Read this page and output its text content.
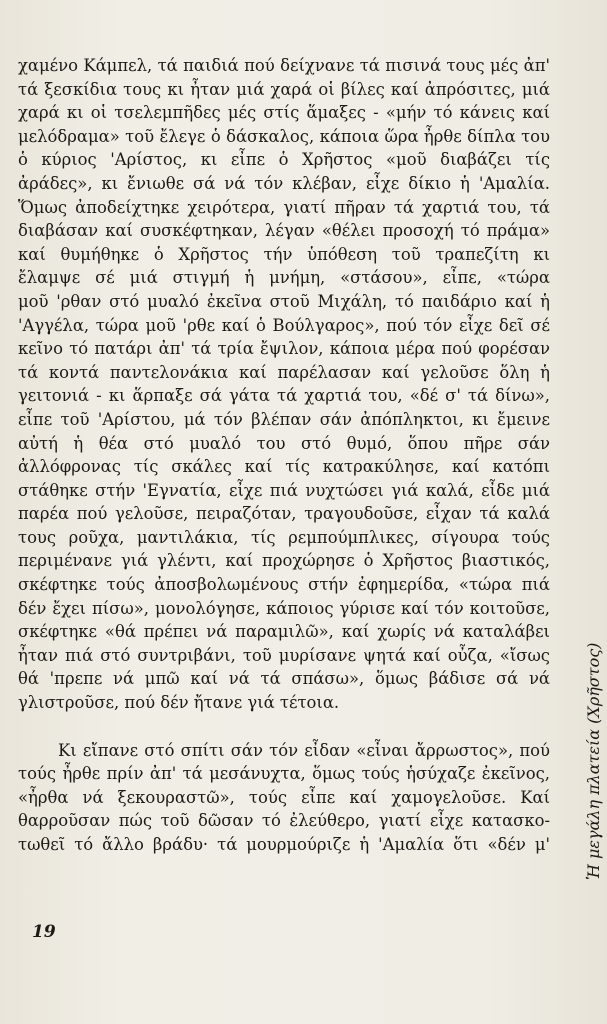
χαμένο Κάμπελ, τά παιδιά πού δείχνανε τά πισινά τους μές ἀπ'
τά ξεσκίδια τους κι ἦταν μιά χαρά οἱ βίλες καί ἀπρόσιτες, μιά
χαρά κι οἱ τσελεμπῆδες μές στίς ἅμαξες - «μήν τό κάνεις καί
μελόδραμα» τοῦ ἔλεγε ὁ δάσκαλος, κάποια ὥρα ἦρθε δίπλα του
ὁ κύριος 'Αρίστος, κι εἶπε ὁ Χρῆστος «μοῦ διαβάζει τίς
ἀράδες», κι ἔνιωθε σά νά τόν κλέβαν, εἶχε δίκιο ἡ 'Αμαλία.
Ὅμως ἀποδείχτηκε χειρότερα, γιατί πῆραν τά χαρτιά του, τά
διαβάσαν καί συσκέφτηκαν, λέγαν «θέλει προσοχή τό πράμα»
καί θυμήθηκε ὁ Χρῆστος τήν ὑπόθεση τοῦ τραπεζίτη κι
ἔλαμψε σέ μιά στιγμή ἡ μνήμη, «στάσου», εἶπε, «τώρα
μοῦ 'ρθαν στό μυαλό ἐκεῖνα στοῦ Μιχάλη, τό παιδάριο καί ἡ
'Αγγέλα, τώρα μοῦ 'ρθε καί ὁ Βούλγαρος», πού τόν εἶχε δεῖ σέ
κεῖνο τό πατάρι ἀπ' τά τρία ἔψιλον, κάποια μέρα πού φορέσαν
τά κοντά παντελονάκια καί παρέλασαν καί γελοῦσε ὅλη ἡ
γειτονιά - κι ἅρπαξε σά γάτα τά χαρτιά του, «δέ σ' τά δίνω»,
εἶπε τοῦ 'Αρίστου, μά τόν βλέπαν σάν ἀπόπληκτοι, κι ἔμεινε
αὐτή ἡ θέα στό μυαλό του στό θυμό, ὅπου πῆρε σάν
ἀλλόφρονας τίς σκάλες καί τίς κατρακύλησε, καί κατόπι
στάθηκε στήν 'Εγνατία, εἶχε πιά νυχτώσει γιά καλά, εἶδε μιά
παρέα πού γελοῦσε, πειραζόταν, τραγουδοῦσε, εἶχαν τά καλά
τους ροῦχα, μαντιλάκια, τίς ρεμπούμπλικες, σίγουρα τούς
περιμένανε γιά γλέντι, καί προχώρησε ὁ Χρῆστος βιαστικός,
σκέφτηκε τούς ἀποσβολωμένους στήν ἐφημερίδα, «τώρα πιά
δέν ἔχει πίσω», μονολόγησε, κάποιος γύρισε καί τόν κοιτοῦσε,
σκέφτηκε «θά πρέπει νά παραμιλῶ», καί χωρίς νά καταλάβει
ἦταν πιά στό συντριβάνι, τοῦ μυρίσανε ψητά καί οὖζα, «ἴσως
θά 'πρεπε νά μπῶ καί νά τά σπάσω», ὅμως βάδισε σά νά
γλιστροῦσε, πού δέν ἤτανε γιά τέτοια.
Κι εἴπανε στό σπίτι σάν τόν εἶδαν «εἶναι ἄρρωστος», πού
τούς ἦρθε πρίν ἀπ' τά μεσάνυχτα, ὅμως τούς ἡσύχαζε ἐκεῖνος,
«ἦρθα νά ξεκουραστῶ», τούς εἶπε καί χαμογελοῦσε. Καί
θαρροῦσαν πώς τοῦ δῶσαν τό ἐλεύθερο, γιατί εἶχε κατασκο-
τωθεῖ τό ἄλλο βράδυ· τά μουρμούριζε ἡ 'Αμαλία ὅτι «δέν μ' Ἡ μεγάλη πλατεία (Χρῆστος)
19
